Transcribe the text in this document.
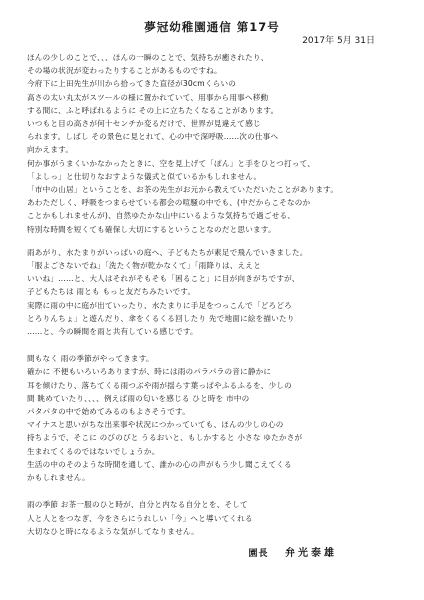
夢冠幼稚園通信 第17号
2017年 5月 31日
ほんの少しのことで、、、ほんの一瞬のことで、気持ちが癒されたり、
その場の状況が変わったりすることがあるものですね。
今府下に上田先生が川から拾ってきた直径が30cmくらいの
高さの太い丸太がスツールの様に置かれていて、用事から用事へ移動
する間に、ふと呼ばれるように その上に立ちたくなることがあります。
いつもと目の高さが何十センチか変るだけで、世界が見違えて感じ
られます。しばし その景色に見とれて、心の中で深呼吸……次の仕事へ
向かえます。
何か事がうまくいかなかったときに、空を見上げて「ぽん」と手をひとつ打って、
「よしっ」と仕切りなおすような儀式と似ているかもしれません。
「市中の山居」ということを、お茶の先生がお元から教えていただいたことがあります。
あわただしく、呼吸をつまらせている都会の喧騒の中でも、(中だからこそなのか
ことかもしれませんが)、自然ゆたかな山中にいるような気持ちで過ごせる、
特別な時間を短くても確保し大切にするということなのだと思います。
雨あがり、水たまりがいっぱいの庭へ、子どもたちが素足で飛んでいきました。
「服よごさないでね」「洗たく物が乾かなくて」「雨降りは、ええと
いいね」……と、大人はそれがそもそも「困ること」に目が向きがちですが、
子どもたちは 雨とも もっと友だちみたいです。
実際に雨の中に庭が出ていったり、水たまりに手足をつっこんで「どろどろ
とろりんちょ」と遊んだり、傘をくるくる回したり 先で地面に絵を描いたり
……と、今の瞬間を雨と共有している感じです。
間もなく 雨の季節がやってきます。
確かに 不便もいろいろありますが、時には雨のパラパラの音に静かに
耳を傾けたり、落ちてくる雨つぶや雨が揺らす葉っぱやふるふるを、少しの
間 眺めていたり、、、、例えば雨の匂いを感じる ひと時を 市中の
パタパタの中で始めてみるのもよさそうです。
マイナスと思いがちな出来事や状況につかっていても、ほんの少しの心の
持ちようで、そこに のびのびと うるおいと、もしかすると 小さな ゆたかさが
生まれてくるのではないでしょうか。
生活の中のそのような時間を通して、誰かの心の声がもう少し聞こえてくる
かもしれません。
雨の季節 お茶一服のひと時が、自分と内なる自分とを、そして
人と人とをつなぎ、今をさらにうれしい「今」へと導いてくれる
大切なひと時になるような気がしてなりません。
園長 弁光泰雄
